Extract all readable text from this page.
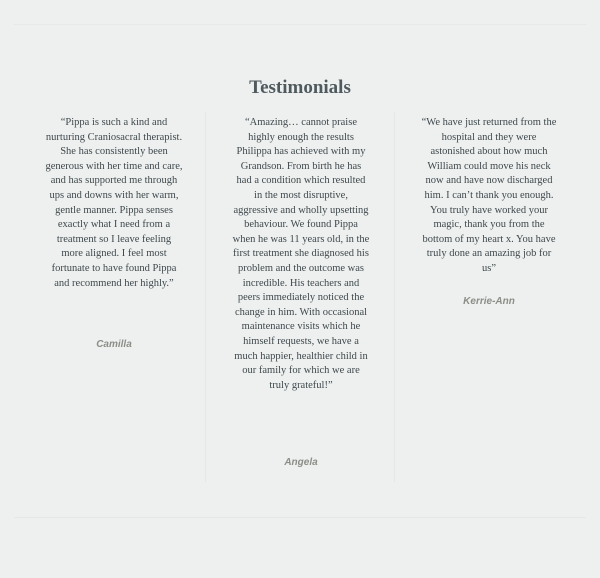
Testimonials
“Pippa is such a kind and nurturing Craniosacral therapist. She has consistently been generous with her time and care, and has supported me through ups and downs with her warm, gentle manner. Pippa senses exactly what I need from a treatment so I leave feeling more aligned. I feel most fortunate to have found Pippa and recommend her highly.”
Camilla
“Amazing… cannot praise highly enough the results Philippa has achieved with my Grandson. From birth he has had a condition which resulted in the most disruptive, aggressive and wholly upsetting behaviour. We found Pippa when he was 11 years old, in the first treatment she diagnosed his problem and the outcome was incredible. His teachers and peers immediately noticed the change in him. With occasional maintenance visits which he himself requests, we have a much happier, healthier child in our family for which we are truly grateful!”
Angela
“We have just returned from the hospital and they were astonished about how much William could move his neck now and have now discharged him. I can’t thank you enough. You truly have worked your magic, thank you from the bottom of my heart x. You have truly done an amazing job for us”
Kerrie-Ann
